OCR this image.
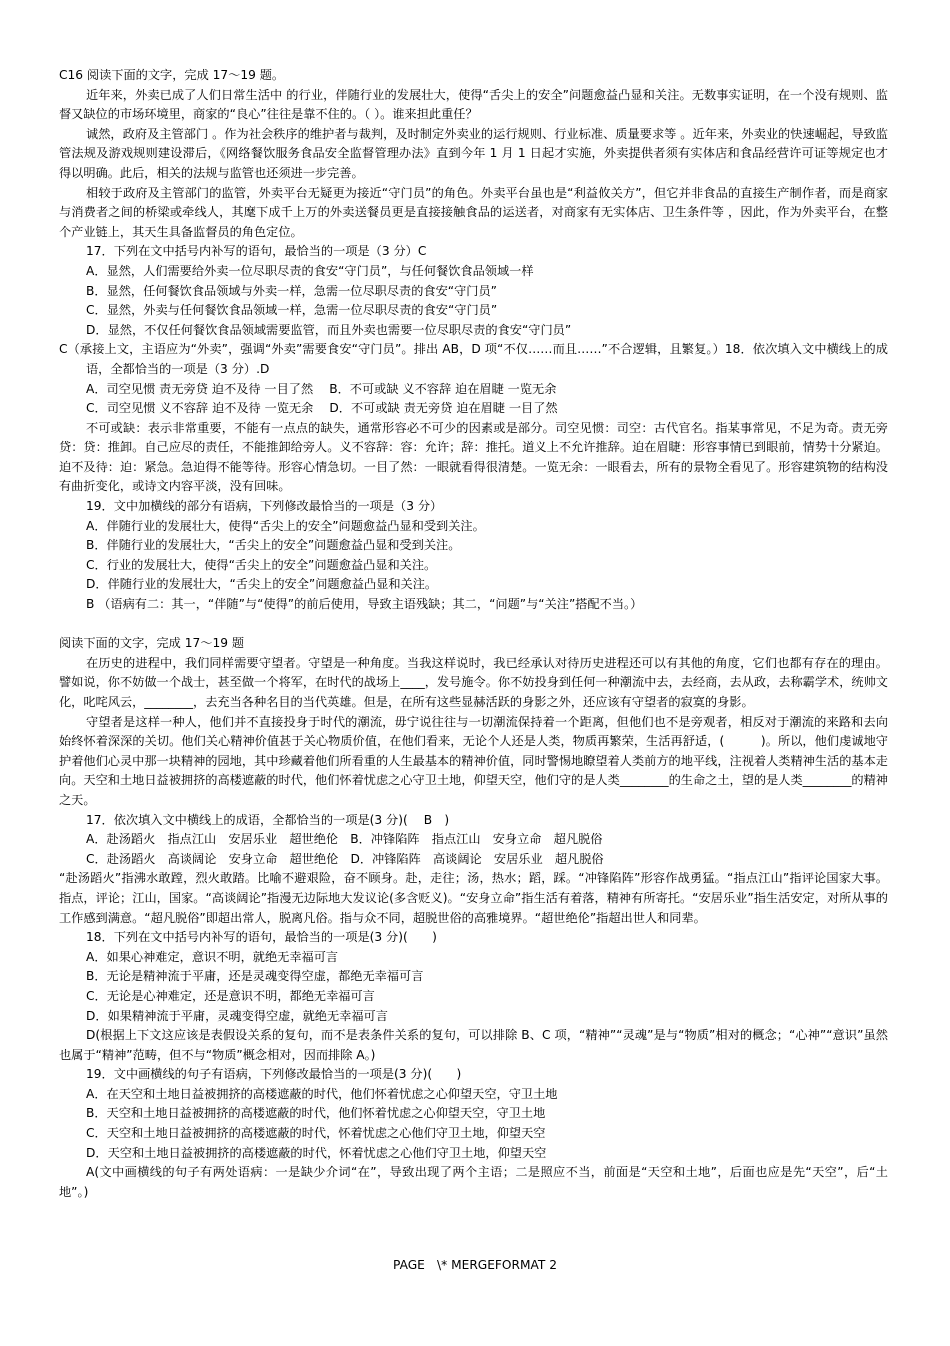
C16 阅读下面的文字，完成 17～19 题。

近年来，外卖已成了人们日常生活中 的行业，伴随行业的发展壮大，使得“舌尖上的安全”问题愈益凸显和关注。无数事实证明，在一个没有规则、监督又缺位的市场环境里，商家的“良心”往往是靠不住的。（ ）。谁来担此重任？

诚然，政府及主管部门 。作为社会秩序的维护者与裁判，及时制定外卖业的运行规则、行业标准、质量要求等 。近年来，外卖业的快速崛起，导致监管法规及游戏规则建设滞后，《网络餐饮服务食品安全监督管理办法》直到今年 1 月 1 日起才实施，外卖提供者须有实体店和食品经营许可证等规定也才得以明确。此后，相关的法规与监管也还须进一步完善。

相较于政府及主管部门的监管，外卖平台无疑更为接近“守门员”的角色。外卖平台虽也是“利益攸关方”，但它并非食品的直接生产制作者，而是商家与消费者之间的桥梁或牵线人，其麾下成千上万的外卖送餐员更是直接接触食品的运送者，对商家有无实体店、卫生条件等 ，因此，作为外卖平台，在整个产业链上，其天生具备监督员的角色定位。

17．下列在文中括号内补写的语句，最恰当的一项是（3 分）C

A．显然，人们需要给外卖一位尽职尽责的食安“守门员”，与任何餐饮食品领域一样

B．显然，任何餐饮食品领域与外卖一样，急需一位尽职尽责的食安“守门员”

C．显然，外卖与任何餐饮食品领域一样，急需一位尽职尽责的食安“守门员”

D．显然，不仅任何餐饮食品领域需要监管，而且外卖也需要一位尽职尽责的食安“守门员”

C（承接上文，主语应为“外卖”，强调“外卖”需要食安“守门员”。排出 AB，D 项“不仅……而且……”不合逻辑，且繁复。）18．依次填入文中横线上的成语，全都恰当的一项是（3 分）.D

A．司空见惯 责无旁贷 迫不及待 一目了然　 B．不可或缺 义不容辞 迫在眉睫 一览无余

C．司空见惯 义不容辞 迫不及待 一览无余　 D．不可或缺 责无旁贷 迫在眉睫 一目了然

不可或缺：表示非常重要，不能有一点点的缺失，通常形容必不可少的因素或是部分。司空见惯：司空：古代官名。指某事常见，不足为奇。责无旁贷：贷：推卸。自己应尽的责任，不能推卸给旁人。义不容辞：容：允许；辞：推托。道义上不允许推辞。迫在眉睫：形容事情已到眼前，情势十分紧迫。迫不及待：迫：紧急。急迫得不能等待。形容心情急切。一目了然：一眼就看得很清楚。一览无余：一眼看去，所有的景物全看见了。形容建筑物的结构没有曲折变化，或诗文内容平淡，没有回味。

19．文中加横线的部分有语病，下列修改最恰当的一项是（3 分）

A．伴随行业的发展壮大，使得“舌尖上的安全”问题愈益凸显和受到关注。

B．伴随行业的发展壮大，“舌尖上的安全”问题愈益凸显和受到关注。

C．行业的发展壮大，使得“舌尖上的安全”问题愈益凸显和关注。

D．伴随行业的发展壮大，“舌尖上的安全”问题愈益凸显和关注。

B （语病有二：其一，“伴随”与“使得”的前后使用，导致主语残缺；其二，“问题”与“关注”搭配不当。）

阅读下面的文字，完成 17～19 题

在历史的进程中，我们同样需要守望者。守望是一种角度。当我这样说时，我已经承认对待历史进程还可以有其他的角度，它们也都有存在的理由。譬如说，你不妨做一个战士，甚至做一个将军，在时代的战场上____，发号施令。你不妨投身到任何一种潮流中去，去经商，去从政，去称霸学术，统帅文化，叱咤风云，________，去充当各种名目的当代英雄。但是，在所有这些显赫活跃的身影之外，还应该有守望者的寂寞的身影。

守望者是这样一种人，他们并不直接投身于时代的潮流，毋宁说往往与一切潮流保持着一个距离，但他们也不是旁观者，相反对于潮流的来路和去向始终怀着深深的关切。他们关心精神价值甚于关心物质价值，在他们看来，无论个人还是人类，物质再繁荣，生活再舒适，(　　　)。所以，他们虔诚地守护着他们心灵中那一块精神的园地，其中珍藏着他们所看重的人生最基本的精神价值，同时警惕地瞭望着人类前方的地平线，注视着人类精神生活的基本走向。天空和土地日益被拥挤的高楼遮蔽的时代，他们怀着忧虑之心守卫土地，仰望天空，他们守的是人类________的生命之土，望的是人类________的精神之天。

17．依次填入文中横线上的成语，全都恰当的一项是(3 分)(　 B　)

A．赴汤蹈火　指点江山　安居乐业　超世绝伦　B．冲锋陷阵　指点江山　安身立命　超凡脱俗

C．赴汤蹈火　高谈阔论　安身立命　超世绝伦　D．冲锋陷阵　高谈阔论　安居乐业　超凡脱俗

“赴汤蹈火”指沸水敢蹚，烈火敢踏。比喻不避艰险，奋不顾身。赴，走往；汤，热水；蹈，踩。“冲锋陷阵”形容作战勇猛。“指点江山”指评论国家大事。指点，评论；江山，国家。“高谈阔论”指漫无边际地大发议论(多含贬义)。“安身立命”指生活有着落，精神有所寄托。“安居乐业”指生活安定，对所从事的工作感到满意。“超凡脱俗”即超出常人，脱离凡俗。指与众不同，超脱世俗的高雅境界。“超世绝伦”指超出世人和同辈。

18．下列在文中括号内补写的语句，最恰当的一项是(3 分)(　　)

A．如果心神难定，意识不明，就绝无幸福可言

B．无论是精神流于平庸，还是灵魂变得空虚，都绝无幸福可言

C．无论是心神难定，还是意识不明，都绝无幸福可言

D．如果精神流于平庸，灵魂变得空虚，就绝无幸福可言

D(根据上下文这应该是表假设关系的复句，而不是表条件关系的复句，可以排除 B、C 项，“精神”“灵魂”是与“物质”相对的概念；“心神”“意识”虽然也属于“精神”范畴，但不与“物质”概念相对，因而排除 A。)

19．文中画横线的句子有语病，下列修改最恰当的一项是(3 分)(　　)

A．在天空和土地日益被拥挤的高楼遮蔽的时代，他们怀着忧虑之心仰望天空，守卫土地

B．天空和土地日益被拥挤的高楼遮蔽的时代，他们怀着忧虑之心仰望天空，守卫土地

C．天空和土地日益被拥挤的高楼遮蔽的时代，怀着忧虑之心他们守卫土地，仰望天空

D．天空和土地日益被拥挤的高楼遮蔽的时代，怀着忧虑之心他们守卫土地，仰望天空

A(文中画横线的句子有两处语病：一是缺少介词“在”，导致出现了两个主语；二是照应不当，前面是“天空和土地”，后面也应是先“天空”，后“土地”。)

PAGE　\* MERGEFORMAT 2
